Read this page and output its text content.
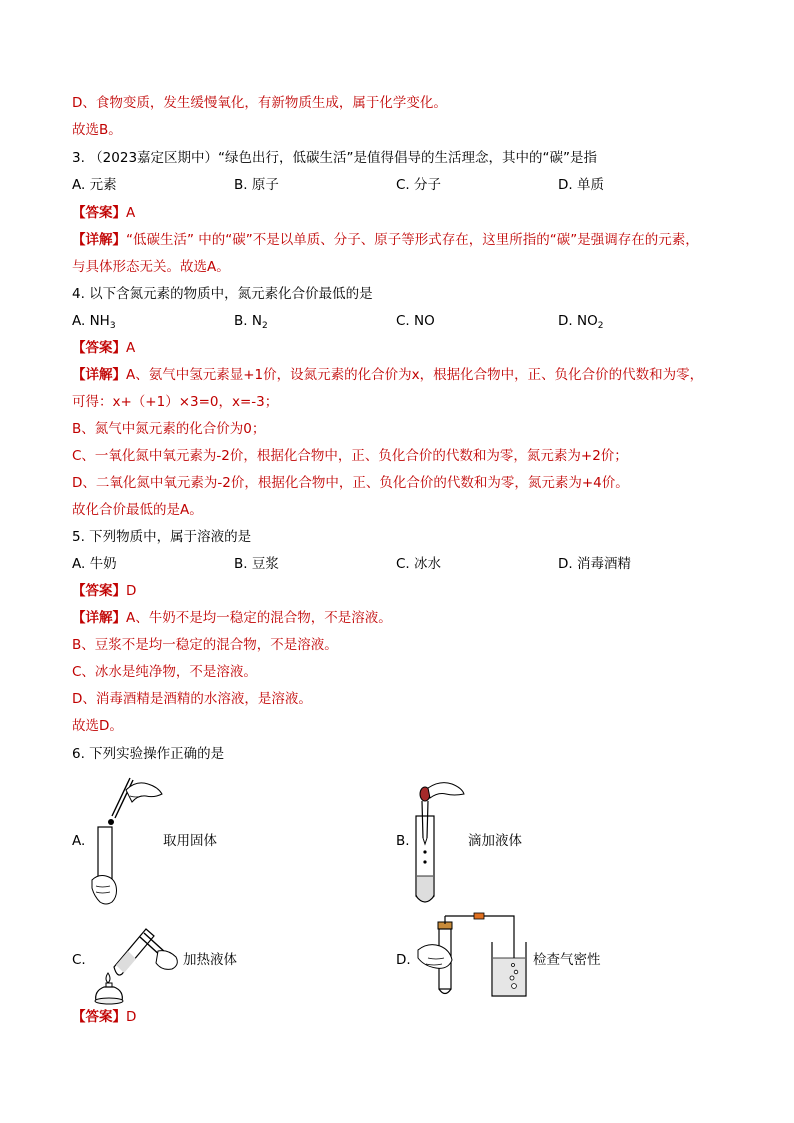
D、食物变质，发生缓慢氧化，有新物质生成，属于化学变化。
故选B。
3. （2023嘉定区期中）“绿色出行，低碳生活”是值得倡导的生活理念，其中的“碳”是指
A. 元素	B. 原子	C. 分子	D. 单质
【答案】A
【详解】“低碳生活” 中的“碳”不是以单质、分子、原子等形式存在，这里所指的“碳”是强调存在的元素，
与具体形态无关。故选A。
4. 以下含氮元素的物质中，氮元素化合价最低的是
A. $NH_3$	B. $N_2$	C. NO	D. $NO_2$
【答案】A
【详解】A、氨气中氢元素显+1价，设氮元素的化合价为x，根据化合物中，正、负化合价的代数和为零，
可得：x+（+1）×3=0，x=-3；
B、氮气中氮元素的化合价为0；
C、一氧化氮中氧元素为-2价，根据化合物中，正、负化合价的代数和为零，氮元素为+2价；
D、二氧化氮中氧元素为-2价，根据化合物中，正、负化合价的代数和为零，氮元素为+4价。
故化合价最低的是A。
5. 下列物质中，属于溶液的是
A. 牛奶	B. 豆浆	C. 冰水	D. 消毒酒精
【答案】D
【详解】A、牛奶不是均一稳定的混合物，不是溶液。
B、豆浆不是均一稳定的混合物，不是溶液。
C、冰水是纯净物，不是溶液。
D、消毒酒精是酒精的水溶液，是溶液。
故选D。
6. 下列实验操作正确的是
A.	取用固体	B.	滴加液体
C.	加热液体	D.	检查气密性
【答案】D
